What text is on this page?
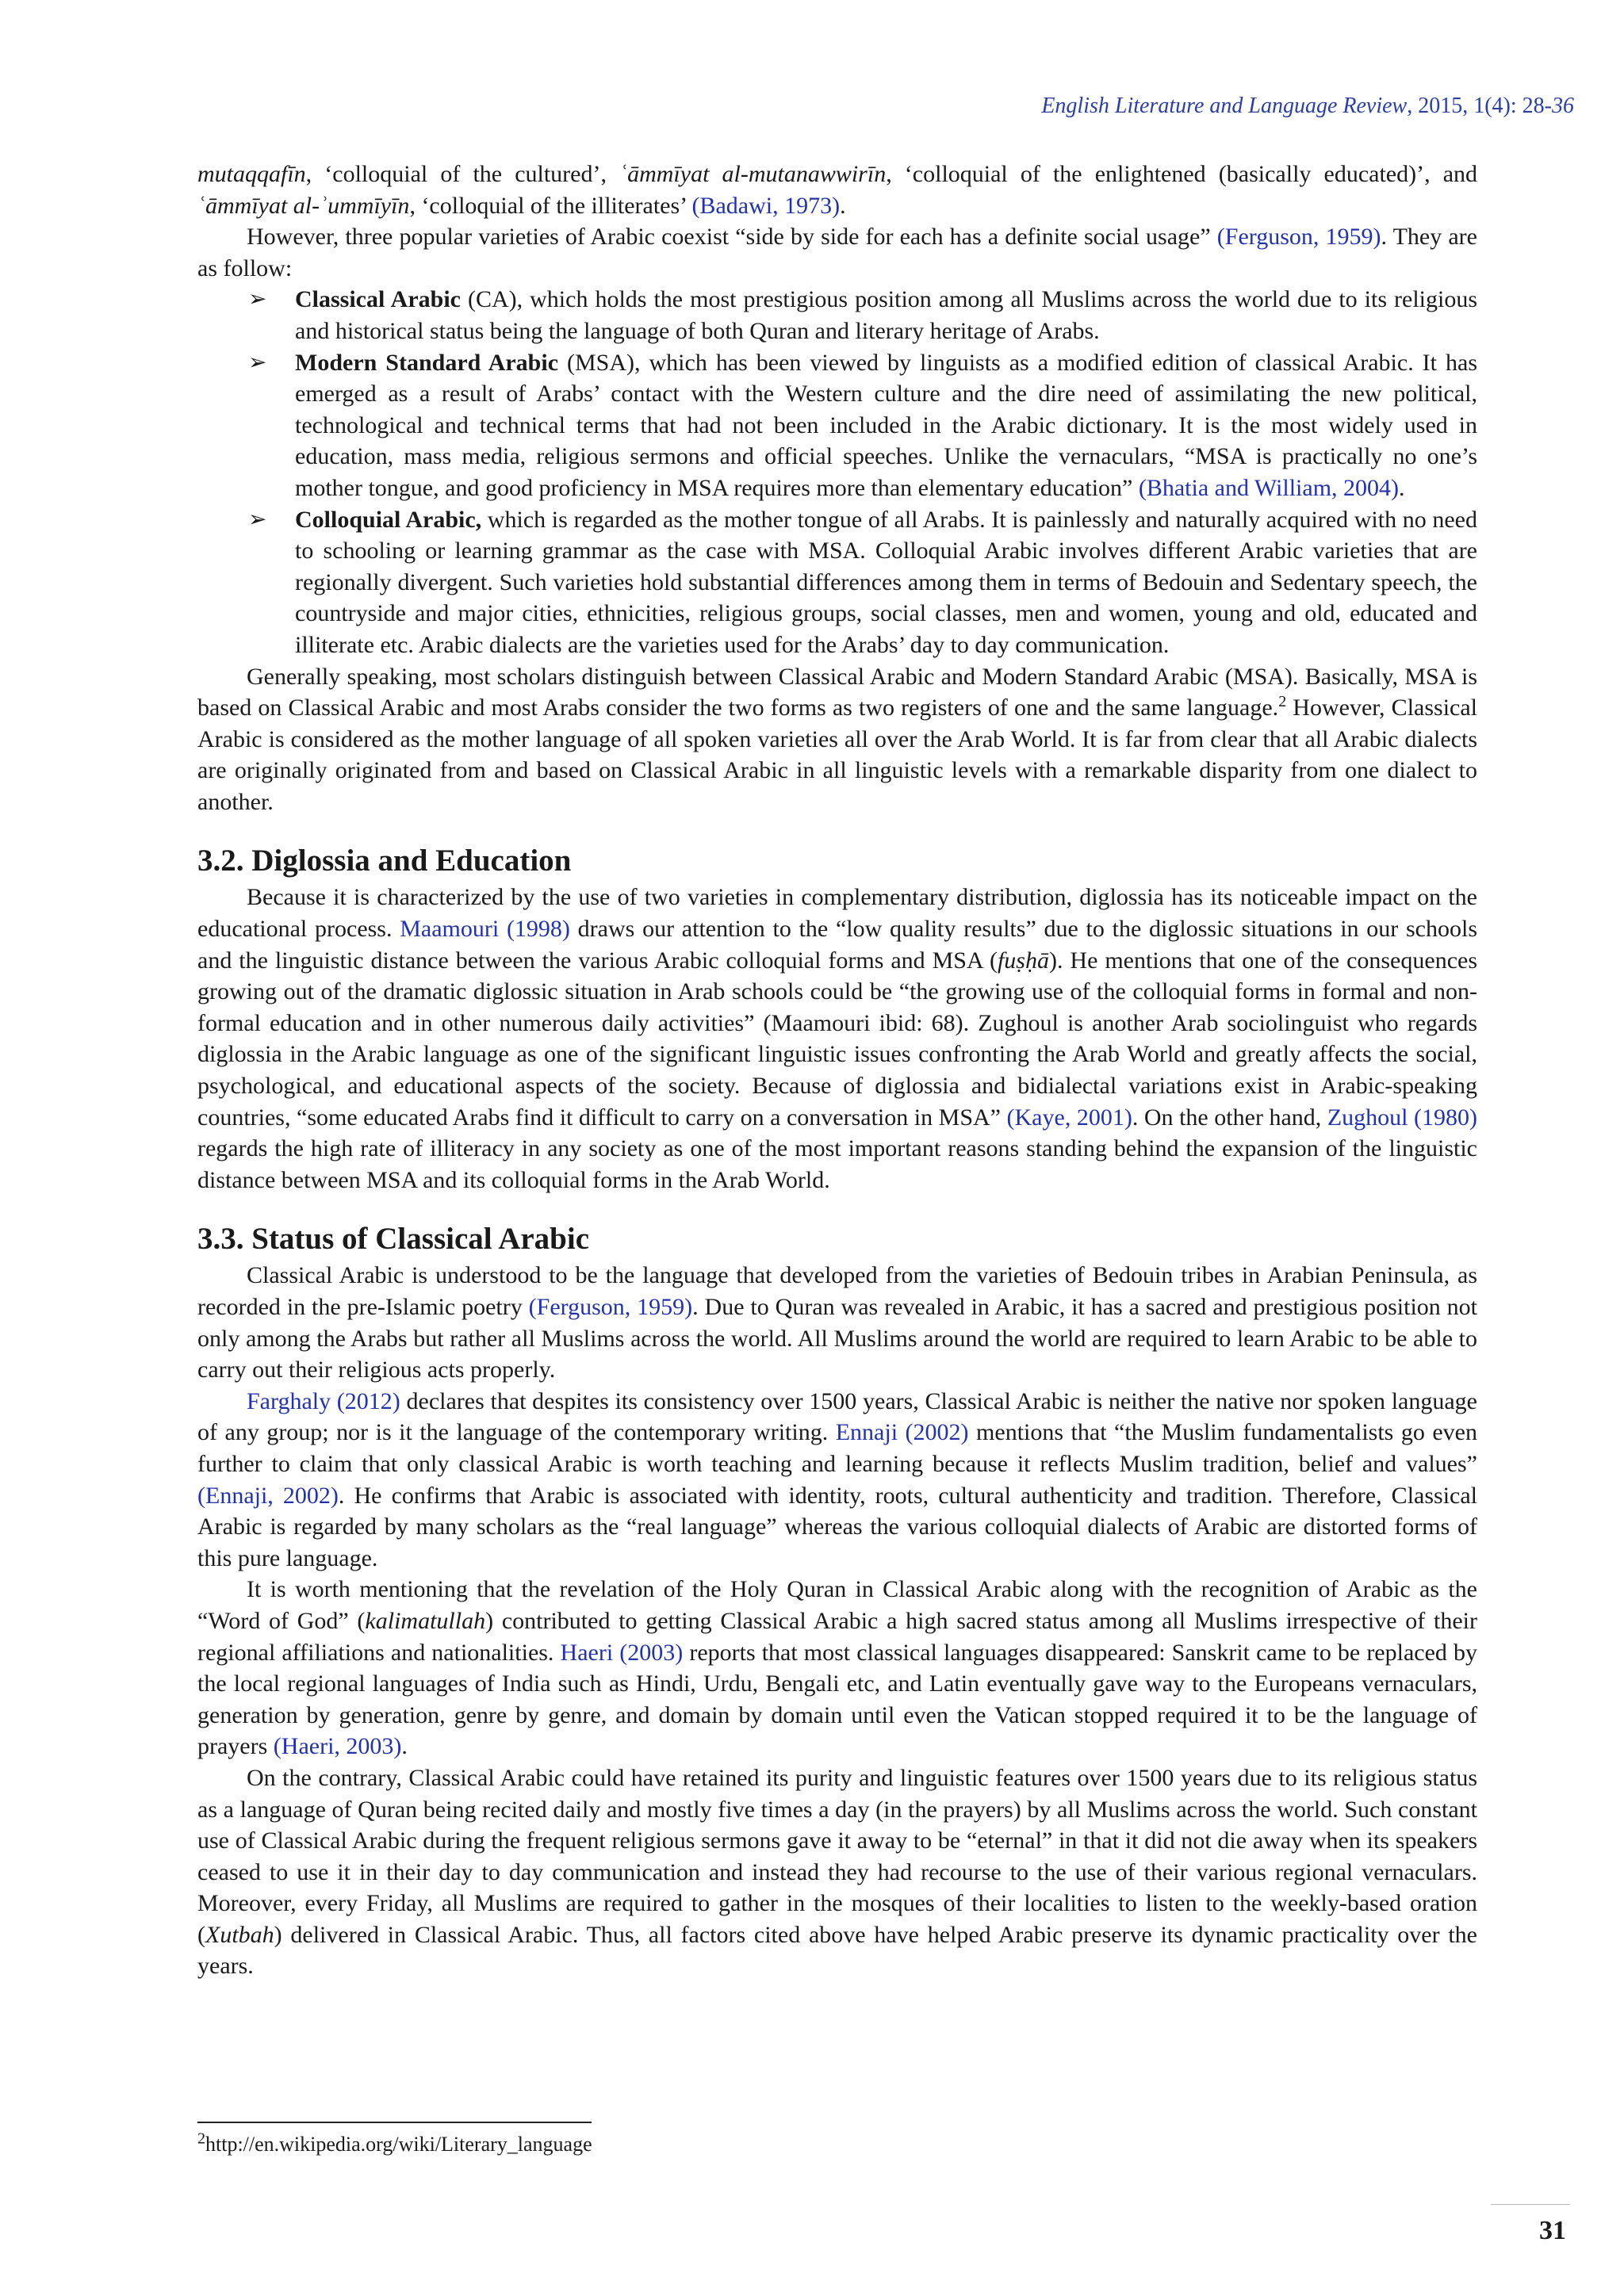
English Literature and Language Review, 2015, 1(4): 28-36

mutaqqafīn, ‘colloquial of the cultured’, ʿāmmīyat al-mutanawwirīn, ‘colloquial of the enlightened (basically educated)’, and ʿāmmīyat al-ʾummīyīn, ‘colloquial of the illiterates’ (Badawi, 1973).

However, three popular varieties of Arabic coexist “side by side for each has a definite social usage” (Ferguson, 1959). They are as follow:

➢ Classical Arabic (CA), which holds the most prestigious position among all Muslims across the world due to its religious and historical status being the language of both Quran and literary heritage of Arabs.
➢ Modern Standard Arabic (MSA), which has been viewed by linguists as a modified edition of classical Arabic. It has emerged as a result of Arabs’ contact with the Western culture and the dire need of assimilating the new political, technological and technical terms that had not been included in the Arabic dictionary. It is the most widely used in education, mass media, religious sermons and official speeches. Unlike the vernaculars, “MSA is practically no one’s mother tongue, and good proficiency in MSA requires more than elementary education” (Bhatia and William, 2004).
➢ Colloquial Arabic, which is regarded as the mother tongue of all Arabs. It is painlessly and naturally acquired with no need to schooling or learning grammar as the case with MSA. Colloquial Arabic involves different Arabic varieties that are regionally divergent. Such varieties hold substantial differences among them in terms of Bedouin and Sedentary speech, the countryside and major cities, ethnicities, religious groups, social classes, men and women, young and old, educated and illiterate etc. Arabic dialects are the varieties used for the Arabs’ day to day communication.

Generally speaking, most scholars distinguish between Classical Arabic and Modern Standard Arabic (MSA). Basically, MSA is based on Classical Arabic and most Arabs consider the two forms as two registers of one and the same language.$^2$ However, Classical Arabic is considered as the mother language of all spoken varieties all over the Arab World. It is far from clear that all Arabic dialects are originally originated from and based on Classical Arabic in all linguistic levels with a remarkable disparity from one dialect to another.

3.2. Diglossia and Education

Because it is characterized by the use of two varieties in complementary distribution, diglossia has its noticeable impact on the educational process. Maamouri (1998) draws our attention to the “low quality results” due to the diglossic situations in our schools and the linguistic distance between the various Arabic colloquial forms and MSA (fuṣḥā). He mentions that one of the consequences growing out of the dramatic diglossic situation in Arab schools could be “the growing use of the colloquial forms in formal and non-formal education and in other numerous daily activities” (Maamouri ibid: 68). Zughoul is another Arab sociolinguist who regards diglossia in the Arabic language as one of the significant linguistic issues confronting the Arab World and greatly affects the social, psychological, and educational aspects of the society. Because of diglossia and bidialectal variations exist in Arabic-speaking countries, “some educated Arabs find it difficult to carry on a conversation in MSA” (Kaye, 2001). On the other hand, Zughoul (1980) regards the high rate of illiteracy in any society as one of the most important reasons standing behind the expansion of the linguistic distance between MSA and its colloquial forms in the Arab World.

3.3. Status of Classical Arabic

Classical Arabic is understood to be the language that developed from the varieties of Bedouin tribes in Arabian Peninsula, as recorded in the pre-Islamic poetry (Ferguson, 1959). Due to Quran was revealed in Arabic, it has a sacred and prestigious position not only among the Arabs but rather all Muslims across the world. All Muslims around the world are required to learn Arabic to be able to carry out their religious acts properly.

Farghaly (2012) declares that despites its consistency over 1500 years, Classical Arabic is neither the native nor spoken language of any group; nor is it the language of the contemporary writing. Ennaji (2002) mentions that “the Muslim fundamentalists go even further to claim that only classical Arabic is worth teaching and learning because it reflects Muslim tradition, belief and values” (Ennaji, 2002). He confirms that Arabic is associated with identity, roots, cultural authenticity and tradition. Therefore, Classical Arabic is regarded by many scholars as the “real language” whereas the various colloquial dialects of Arabic are distorted forms of this pure language.

It is worth mentioning that the revelation of the Holy Quran in Classical Arabic along with the recognition of Arabic as the “Word of God” (kalimatullah) contributed to getting Classical Arabic a high sacred status among all Muslims irrespective of their regional affiliations and nationalities. Haeri (2003) reports that most classical languages disappeared: Sanskrit came to be replaced by the local regional languages of India such as Hindi, Urdu, Bengali etc, and Latin eventually gave way to the Europeans vernaculars, generation by generation, genre by genre, and domain by domain until even the Vatican stopped required it to be the language of prayers (Haeri, 2003).

On the contrary, Classical Arabic could have retained its purity and linguistic features over 1500 years due to its religious status as a language of Quran being recited daily and mostly five times a day (in the prayers) by all Muslims across the world. Such constant use of Classical Arabic during the frequent religious sermons gave it away to be “eternal” in that it did not die away when its speakers ceased to use it in their day to day communication and instead they had recourse to the use of their various regional vernaculars. Moreover, every Friday, all Muslims are required to gather in the mosques of their localities to listen to the weekly-based oration (Xutbah) delivered in Classical Arabic. Thus, all factors cited above have helped Arabic preserve its dynamic practicality over the years.

$^2$http://en.wikipedia.org/wiki/Literary_language
31
